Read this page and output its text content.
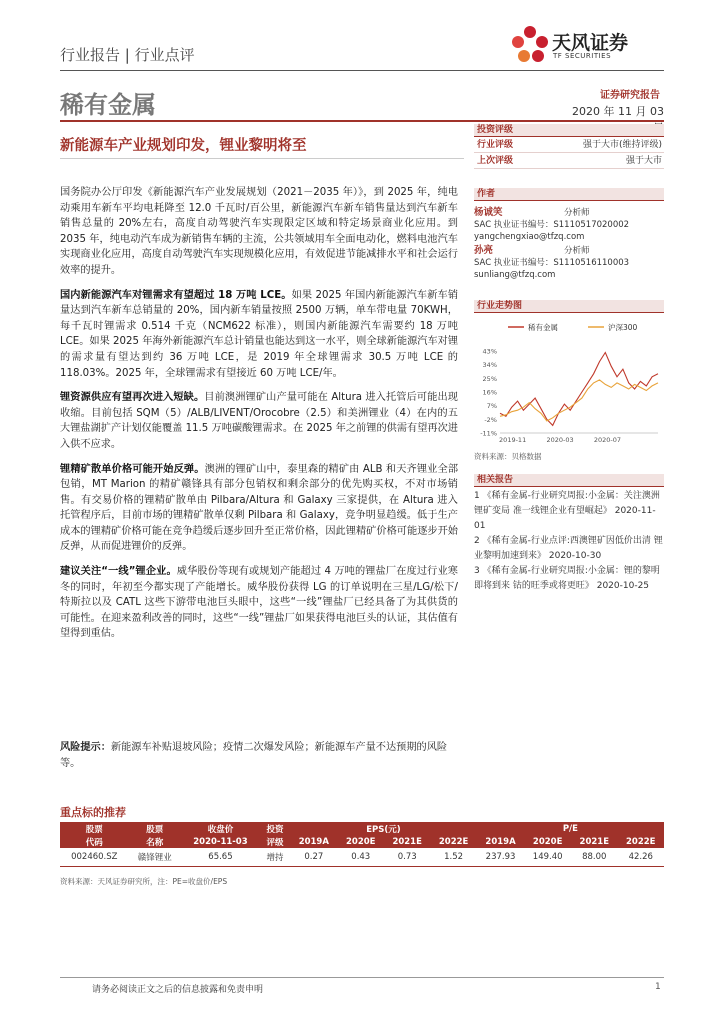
行业报告 | 行业点评
天风证券
TF SECURITIES
稀有金属	证券研究报告
2020 年 11 月 03
新能源车产业规划印发，锂业黎明将至

国务院办公厅印发《新能源汽车产业发展规划（2021－2035 年）》，到 2025 年，纯电动乘用车新车平均电耗降至 12.0 千瓦时/百公里，新能源汽车新车销售量达到汽车新车销售总量的 20%左右，高度自动驾驶汽车实现限定区域和特定场景商业化应用。到 2035 年，纯电动汽车成为新销售车辆的主流，公共领域用车全面电动化，燃料电池汽车实现商业化应用，高度自动驾驶汽车实现规模化应用，有效促进节能减排水平和社会运行效率的提升。

国内新能源汽车对锂需求有望超过 18 万吨 LCE。如果 2025 年国内新能源汽车新车销量达到汽车新车总销量的 20%，国内新车销量按照 2500 万辆，单车带电量 70KWH，每千瓦时锂需求 0.514 千克（NCM622 标准），则国内新能源汽车需要约 18 万吨 LCE。如果 2025 年海外新能源汽车总计销量也能达到这一水平，则全球新能源汽车对锂的需求量有望达到约 36 万吨 LCE，是 2019 年全球锂需求 30.5 万吨 LCE 的 118.03%。2025 年，全球锂需求有望接近 60 万吨 LCE/年。

锂资源供应有望再次进入短缺。目前澳洲锂矿山产量可能在 Altura 进入托管后可能出现收缩。目前包括 SQM（5）/ALB/LIVENT/Orocobre（2.5）和美洲锂业（4）在内的五大锂盐湖扩产计划仅能覆盖 11.5 万吨碳酸锂需求。在 2025 年之前锂的供需有望再次进入供不应求。

锂精矿散单价格可能开始反弹。澳洲的锂矿山中，泰里森的精矿由 ALB 和天齐锂业全部包销，MT Marion 的精矿赣锋具有部分包销权和剩余部分的优先购买权，不对市场销售。有交易价格的锂精矿散单由 Pilbara/Altura 和 Galaxy 三家提供，在 Altura 进入托管程序后，目前市场的锂精矿散单仅剩 Pilbara 和 Galaxy，竞争明显趋缓。低于生产成本的锂精矿价格可能在竞争趋缓后逐步回升至正常价格，因此锂精矿价格可能逐步开始反弹，从而促进锂价的反弹。

建议关注“一线”锂企业。威华股份等现有或规划产能超过 4 万吨的锂盐厂在度过行业寒冬的同时，年初至今都实现了产能增长。威华股份获得 LG 的订单说明在三星/LG/松下/特斯拉以及 CATL 这些下游带电池巨头眼中，这些“一线”锂盐厂已经具备了为其供货的可能性。在迎来盈利改善的同时，这些“一线”锂盐厂如果获得电池巨头的认证，其估值有望得到重估。

风险提示：新能源车补贴退坡风险；疫情二次爆发风险；新能源车产量不达预期的风险等。
投资评级
行业评级	强于大市(维持评级)
上次评级	强于大市
作者
杨诚笑	分析师
SAC 执业证书编号：S1110517020002
yangchengxiao@tfzq.com
孙亮	分析师
SAC 执业证书编号：S1110516110003
sunliang@tfzq.com
行业走势图
稀有金属	沪深300
43%
34%
25%
16%
7%
-2%
-11%
2019-11	2020-03	2020-07
资料来源：贝格数据
相关报告
1 《稀有金属-行业研究周报:小金属：关注澳洲锂矿变局 准一线锂企业有望崛起》 2020-11-01
2 《稀有金属-行业点评:西澳锂矿因低价出清 锂业黎明加速到来》 2020-10-30
3 《稀有金属-行业研究周报:小金属：锂的黎明即将到来 钴的旺季或将更旺》 2020-10-25
重点标的推荐
股票	股票	收盘价	投资	EPS(元)				P/E			
代码	名称	2020-11-03	评级	2019A	2020E	2021E	2022E	2019A	2020E	2021E	2022E
002460.SZ	赣锋锂业	65.65	增持	0.27	0.43	0.73	1.52	237.93	149.40	88.00	42.26
资料来源：天风证券研究所，注：PE=收盘价/EPS
请务必阅读正文之后的信息披露和免责申明	1
